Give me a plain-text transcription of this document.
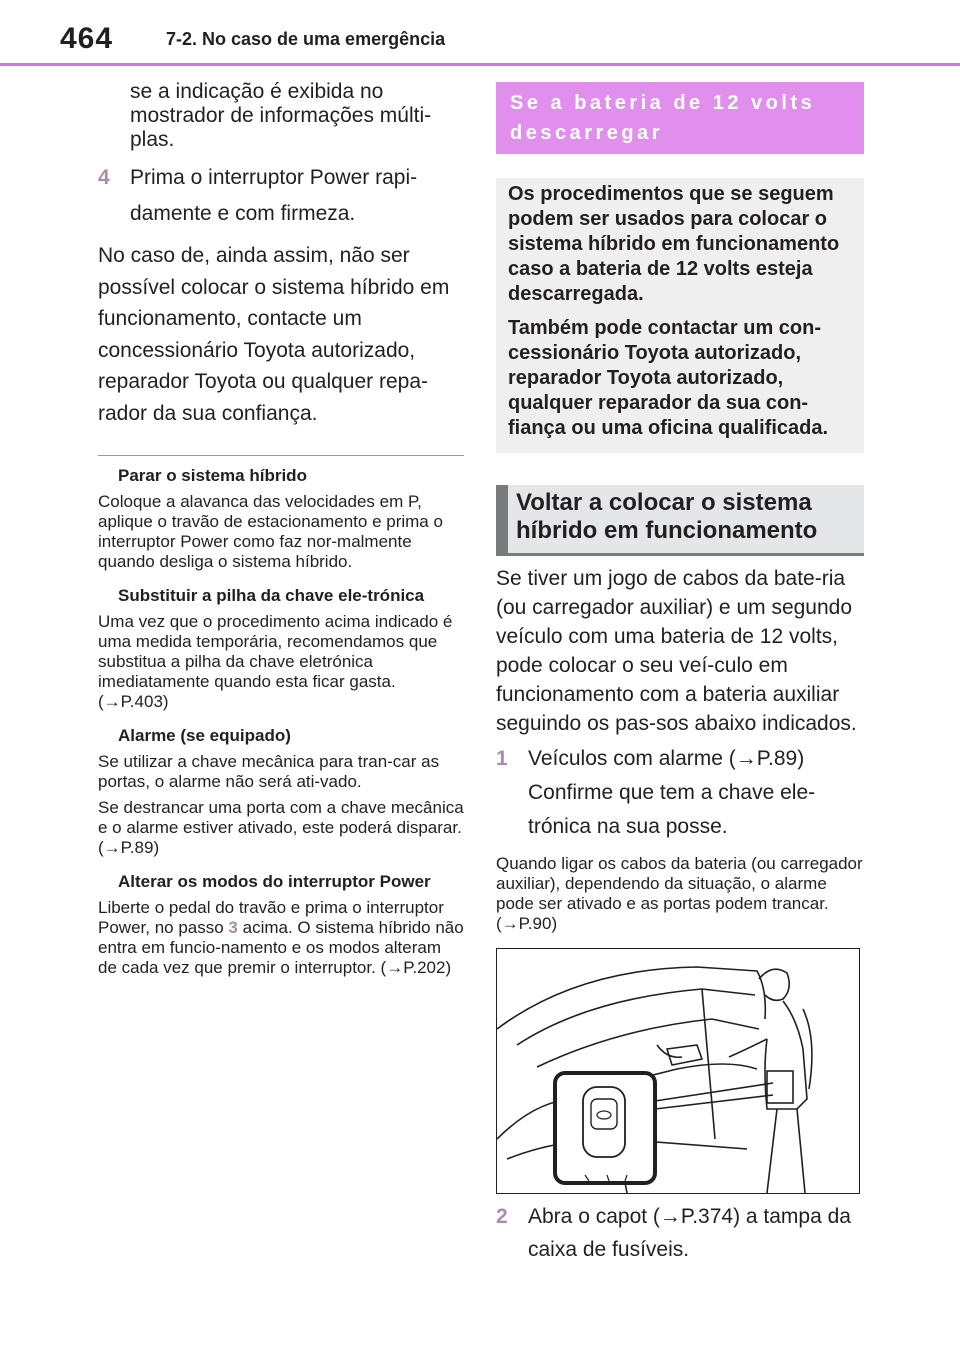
464	7-2. No caso de uma emergência
se a indicação é exibida no mostrador de informações múlti-plas.
4 Prima o interruptor Power rapi-damente e com firmeza.

No caso de, ainda assim, não ser possível colocar o sistema híbrido em funcionamento, contacte um concessionário Toyota autorizado, reparador Toyota ou qualquer repa-rador da sua confiança.

Parar o sistema híbrido

Coloque a alavanca das velocidades em P, aplique o travão de estacionamento e prima o interruptor Power como faz nor-malmente quando desliga o sistema híbrido.

Substituir a pilha da chave ele-trónica

Uma vez que o procedimento acima indicado é uma medida temporária, recomendamos que substitua a pilha da chave eletrónica imediatamente quando esta ficar gasta. (→P.403)

Alarme (se equipado)

Se utilizar a chave mecânica para tran-car as portas, o alarme não será ati-vado.

Se destrancar uma porta com a chave mecânica e o alarme estiver ativado, este poderá disparar. (→P.89)

Alterar os modos do interruptor Power

Liberte o pedal do travão e prima o interruptor Power, no passo 3 acima. O sistema híbrido não entra em funcio-namento e os modos alteram de cada vez que premir o interruptor. (→P.202)

Se a bateria de 12 volts descarregar

Os procedimentos que se seguem podem ser usados para colocar o sistema híbrido em funcionamento caso a bateria de 12 volts esteja descarregada.

Também pode contactar um con-cessionário Toyota autorizado, reparador Toyota autorizado, qualquer reparador da sua con-fiança ou uma oficina qualificada.

Voltar a colocar o sistema híbrido em funcionamento

Se tiver um jogo de cabos da bate-ria (ou carregador auxiliar) e um segundo veículo com uma bateria de 12 volts, pode colocar o seu veí-culo em funcionamento com a bateria auxiliar seguindo os pas-sos abaixo indicados.

1 Veículos com alarme (→P.89) Confirme que tem a chave ele-trónica na sua posse.

Quando ligar os cabos da bateria (ou carregador auxiliar), dependendo da situação, o alarme pode ser ativado e as portas podem trancar. (→P.90)

2 Abra o capot (→P.374) a tampa da caixa de fusíveis.
